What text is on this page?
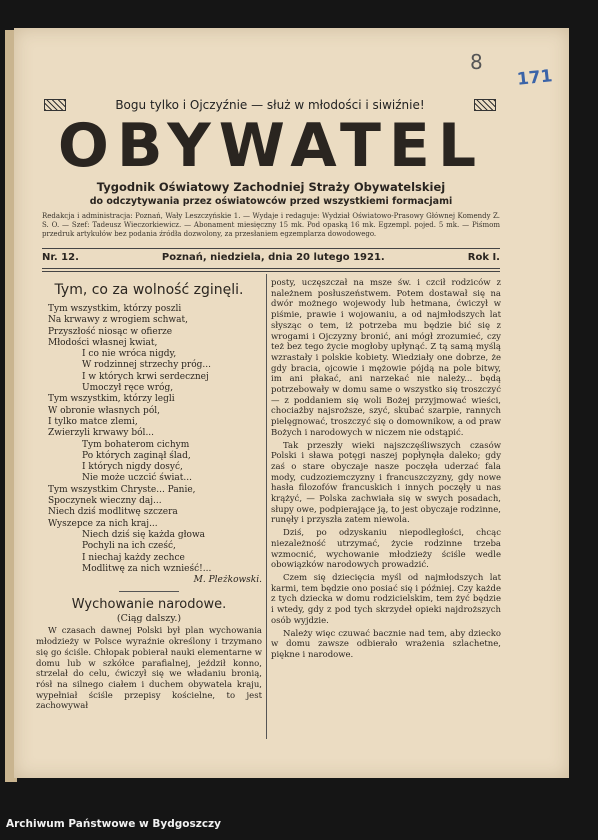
8
171
Bogu tylko i Ojczyźnie — służ w młodości i siwiźnie!
OBYWATEL
Tygodnik Oświatowy Zachodniej Straży Obywatelskiej
do odczytywania przez oświatowców przed wszystkiemi formacjami
Redakcja i administracja: Poznań, Wały Leszczyńskie 1. — Wydaje i redaguje: Wydział Oświatowo-Prasowy Głównej Komendy Z. S. O. — Szef: Tadeusz Wieczorkiewicz. — Abonament miesięczny 15 mk. Pod opaską 16 mk. Egzempl. pojed. 5 mk. — Piśmom przedruk artykułów bez podania źródła dozwolony, za przesłaniem egzemplarza dowodowego.
Nr. 12.	Poznań, niedziela, dnia 20 lutego 1921.	Rok I.
Tym, co za wolność zginęli.
Tym wszystkim, którzy poszli
Na krwawy z wrogiem schwat,
Przyszłość niosąc w ofierze
Młodości własnej kwiat,
I co nie wróca nigdy,
W rodzinnej strzechy próg...
I w których krwi serdecznej
Umoczył ręce wróg,
Tym wszystkim, którzy legli
W obronie własnych pól,
I tylko matce zlemi,
Zwierzyli krwawy ból...
Tym bohaterom cichym
Po których zaginął ślad,
I których nigdy dosyć,
Nie może uczcić świat...
Tym wszystkim Chryste... Panie,
Spoczynek wieczny daj...
Niech dziś modlitwę szczera
Wyszepce za nich kraj...
Niech dziś się każda głowa
Pochyli na ich cześć,
I niechaj każdy zechce
Modlitwę za nich wznieść!...
M. Pleżkowski.
Wychowanie narodowe.
(Ciąg dalszy.)

W czasach dawnej Polski był plan wychowania młodzieży w Polsce wyraźnie określony i trzymano się go ściśle. Chłopak pobierał nauki elementarne w domu lub w szkółce parafialnej, jeździł konno, strzelał do celu, ćwiczył się we władaniu bronią, rósł na silnego ciałem i duchem obywatela kraju, wypełniał ściśle przepisy kościelne, to jest zachowywał

posty, uczęszczał na msze św. i czcił rodziców z należnem posłuszeństwem. Potem dostawał się na dwór możnego wojewody lub hetmana, ćwiczył w piśmie, prawie i wojowaniu, a od najmłodszych lat słysząc o tem, iż potrzeba mu będzie bić się z wrogami i Ojczyzny bronić, ani mógł zrozumieć, czy też bez tego życie mogłoby upłynąć. Z tą samą myślą wzrastały i polskie kobiety. Wiedziały one dobrze, że gdy bracia, ojcowie i mężowie pójdą na pole bitwy, im ani płakać, ani narzekać nie należy... będą potrzebowały w domu same o wszystko się troszczyć — z poddaniem się woli Bożej przyjmować wieści, chociażby najsroższe, szyć, skubać szarpie, rannych pielęgnować, troszczyć się o domownikow, a od praw Bożych i narodowych w niczem nie odstąpić.

Tak przeszły wieki najszczęśliwszych czasów Polski i sława potęgi naszej popłynęła daleko; gdy zaś o stare obyczaje nasze poczęła uderzać fala mody, cudzoziemczyzny i francuszczyzny, gdy nowe hasła filozofów francuskich i innych poczęły u nas krążyć, — Polska zachwiała się w swych posadach, słupy owe, podpierające ją, to jest obyczaje rodzinne, runęły i przyszła zatem niewola.

Dziś, po odzyskaniu niepodległości, chcąc niezależność utrzymać, życie rodzinne trzeba wzmocnić, wychowanie młodzieży ściśle wedle obowiązków narodowych prowadzić.

Czem się dziecięcia myśl od najmłodszych lat karmi, tem będzie ono posiać się i później. Czy każde z tych dziecka w domu rodzicielskim, tem żyć będzie i wtedy, gdy z pod tych skrzydeł opieki najdroższych osób wyjdzie.

Należy więc czuwać bacznie nad tem, aby dziecko w domu zawsze odbierało wrażenia szlachetne, piękne i narodowe.

Archiwum Państwowe w Bydgoszczy
